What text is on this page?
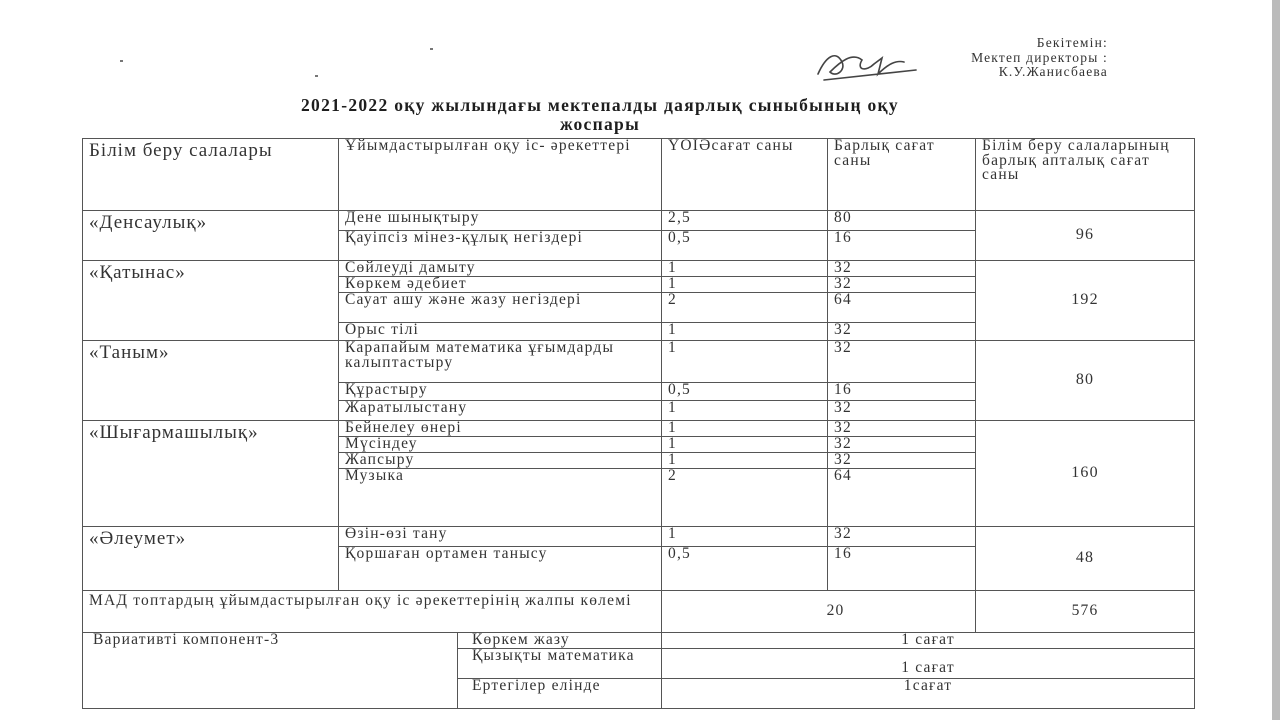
Бекітемін:
Мектеп директоры :
К.У.Жанисбаева
2021-2022 оқу жылындағы мектепалды даярлық сыныбының оқу
жоспары
Білім беру салалары	Ұйымдастырылған оқу іс- әрекеттері		ҮОІӘсағат саны	Барлық сағат саны	Білім беру салаларының барлық апталық сағат саны
«Денсаулық»	Дене шынықтыру		2,5	80	96
	Қауіпсіз мінез-құлық негіздері		0,5	16	
«Қатынас»	Сөйлеуді дамыту		1	32	192
	Көркем әдебиет		1	32	
	Сауат ашу және жазу негіздері		2	64	
	Орыс тілі		1	32	
«Таным»	Карапайым математика ұғымдарды калыптастыру		1	32	80
	Құрастыру		0,5	16	
	Жаратылыстану		1	32	
«Шығармашылық»	Бейнелеу өнері		1	32	160
	Мүсіндеу		1	32	
	Жапсыру		1	32	
	Музыка		2	64	
«Әлеумет»	Өзін-өзі тану		1	32	48
	Қоршаған ортамен танысу		0,5	16	
МАД топтардың ұйымдастырылған оқу іс әрекеттерінің жалпы көлемі			20		576
Вариативті компонент-3		Көркем жазу	1 сағат		
		Қызықты математика	1 сағат		
		Ертегілер елінде	1сағат		
